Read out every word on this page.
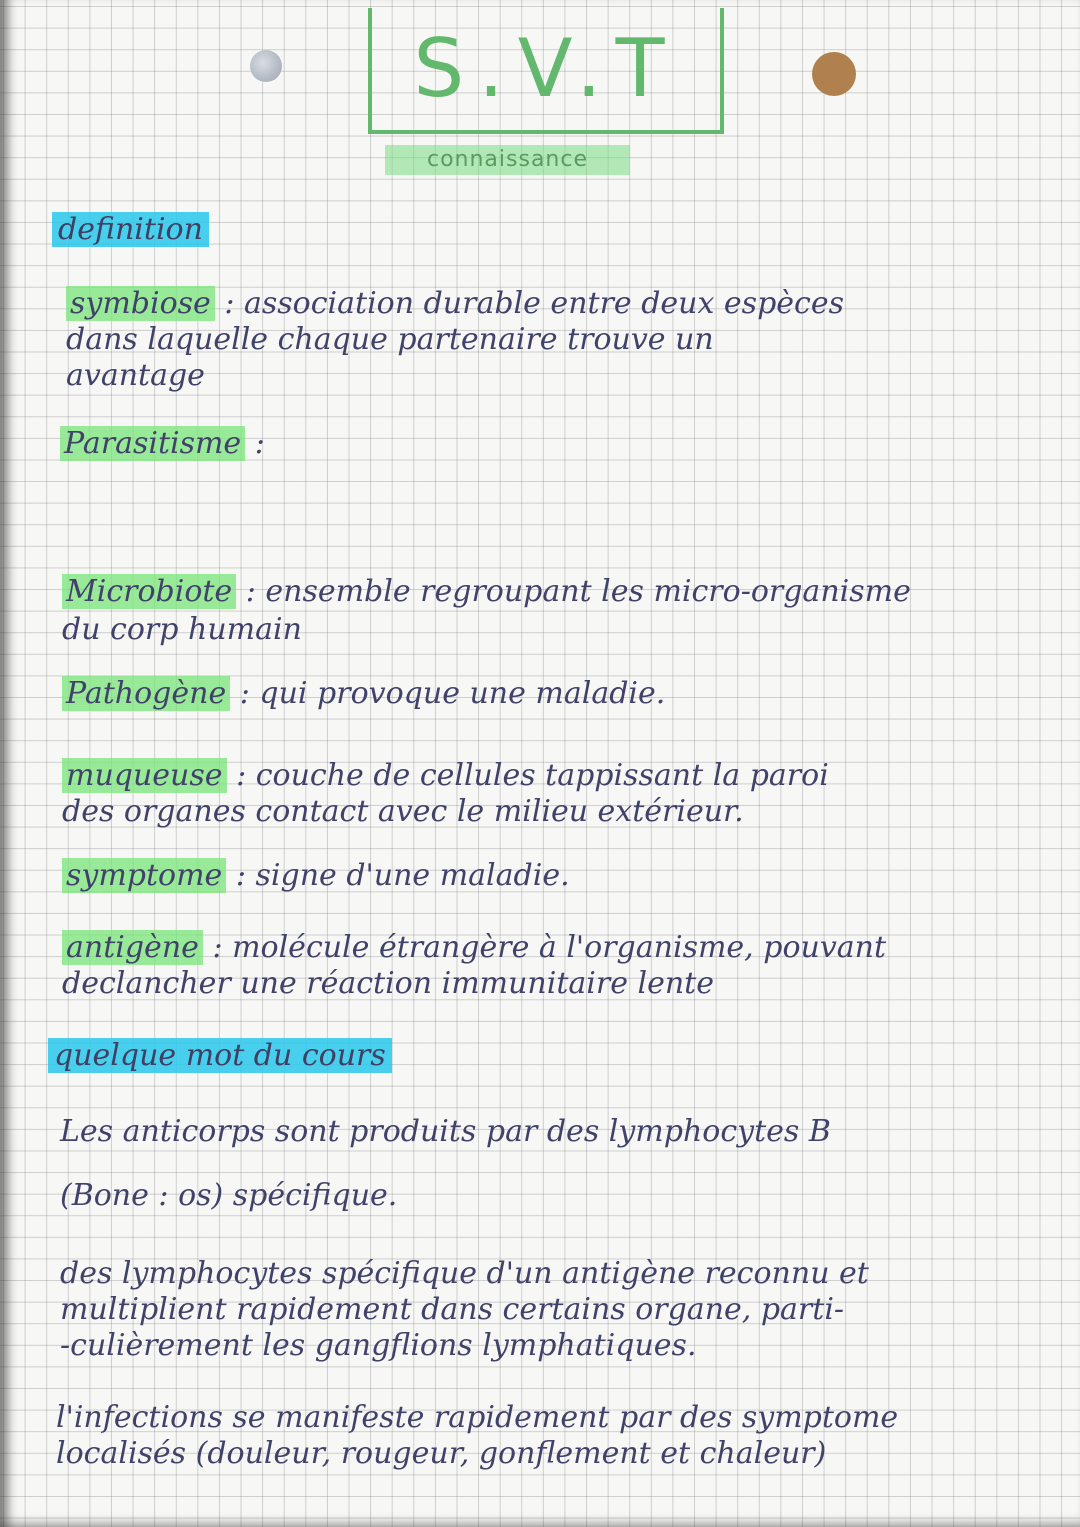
S.V.T
connaissance
definition
symbiose : association durable entre deux espèces
dans laquelle chaque partenaire trouve un
avantage
Parasitisme :
Microbiote : ensemble regroupant les micro-organisme
du corp humain
Pathogène : qui provoque une maladie.
muqueuse : couche de cellules tappissant la paroi
des organes contact avec le milieu extérieur.
symptome : signe d'une maladie.
antigène : molécule étrangère à l'organisme, pouvant
declancher une réaction immunitaire lente
quelque mot du cours
Les anticorps sont produits par des lymphocytes B
(Bone : os) spécifique.
des lymphocytes spécifique d'un antigène reconnu et
multiplient rapidement dans certains organe, parti-
-culièrement les gangflions lymphatiques.
l'infections se manifeste rapidement par des symptome
localisés (douleur, rougeur, gonflement et chaleur)
